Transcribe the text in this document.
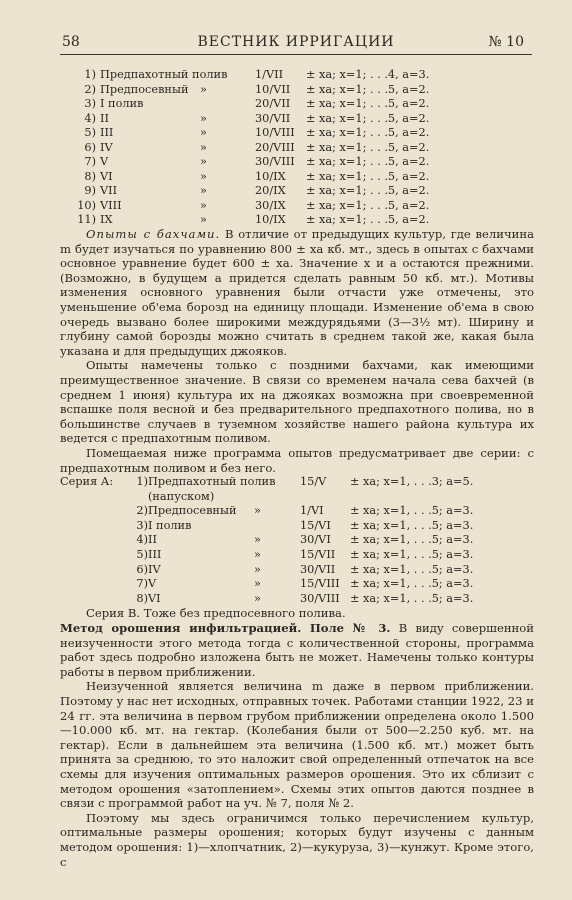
58	ВЕСТНИК ИРРИГАЦИИ	№ 10
1) Предпахотный полив 1/VII ± xa; x=1; . . .4, a=3.
2) Предпосевный »	10/VII ± xa; x=1; . . .5, a=2.
3) I полив	20/VII ± xa; x=1; . . .5, a=2.
4) II	»	30/VII ± xa; x=1; . . .5, a=2.
5) III	»	10/VIII ± xa; x=1; . . .5, a=2.
6) IV	»	20/VIII ± xa; x=1; . . .5, a=2.
7) V	»	30/VIII ± xa; x=1; . . .5, a=2.
8) VI	»	10/IX ± xa; x=1; . . .5, a=2.
9) VII	»	20/IX ± xa; x=1; . . .5, a=2.
10) VIII	»	30/IX ± xa; x=1; . . .5, a=2.
11) IX	»	10/IX ± xa; x=1; . . .5, a=2.

Опыты с бахчами. В отличие от предыдущих культур, где величина m будет изучаться по уравнению 800 ± xa кб. мт., здесь в опытах с бахчами основное уравнение будет 600 ± xa. Значение x и a остаются прежними. (Возможно, в будущем a придется сделать равным 50 кб. мт.). Мотивы изменения основного уравнения были отчасти уже отмечены, это уменьшение об'ема борозд на единицу площади. Изменение об'ема в свою очередь вызвано более широкими междурядьями (3—3½ мт). Ширину и глубину самой борозды можно считать в среднем такой же, какая была указана и для предыдущих джояков.

Опыты намечены только с поздними бахчами, как имеющими преимущественное значение. В связи со временем начала сева бахчей (в среднем 1 июня) культура их на джояках возможна при своевременной вспашке поля весной и без предварительного предпахотного полива, но в большинстве случаев в туземном хозяйстве нашего района культура их ведется с предпахотным поливом.

Помещаемая ниже программа опытов предусматривает две серии: с предпахотным поливом и без него.

Серия А:	1) Предпахотный полив 15/V ± xa; x=1, . . .3; a=5.
(напуском)
2) Предпосевный »	1/VI ± xa; x=1, . . .5; a=3.
3) I полив	15/VI ± xa; x=1, . . .5; a=3.
4) II	»	30/VI ± xa; x=1, . . .5; a=3.
5) III	»	15/VII ± xa; x=1, . . .5; a=3.
6) IV	»	30/VII ± xa; x=1, . . .5; a=3.
7) V	»	15/VIII ± xa; x=1, . . .5; a=3.
8) VI	»	30/VIII ± xa; x=1, . . .5; a=3.

Серия В. Тоже без предпосевного полива.

Метод орошения инфильтрацией. Поле № 3. В виду совершенной неизученности этого метода тогда с количественной стороны, программа работ здесь подробно изложена быть не может. Намечены только контуры работы в первом приближении.

Неизученной является величина m даже в первом приближении. Поэтому у нас нет исходных, отправных точек. Работами станции 1922, 23 и 24 гг. эта величина в первом грубом приближении определена около 1.500—10.000 кб. мт. на гектар. (Колебания были от 500—2.250 куб. мт. на гектар). Если в дальнейшем эта величина (1.500 кб. мт.) может быть принята за среднюю, то это наложит свой определенный отпечаток на все схемы для изучения оптимальных размеров орошения. Это их сблизит с методом орошения «затоплением». Схемы этих опытов даются позднее в связи с программой работ на уч. № 7, поля № 2.

Поэтому мы здесь ограничимся только перечислением культур, оптимальные размеры орошения; которых будут изучены с данным методом орошения: 1)—хлопчатник, 2)—кукуруза, 3)—кунжут. Кроме этого, с
